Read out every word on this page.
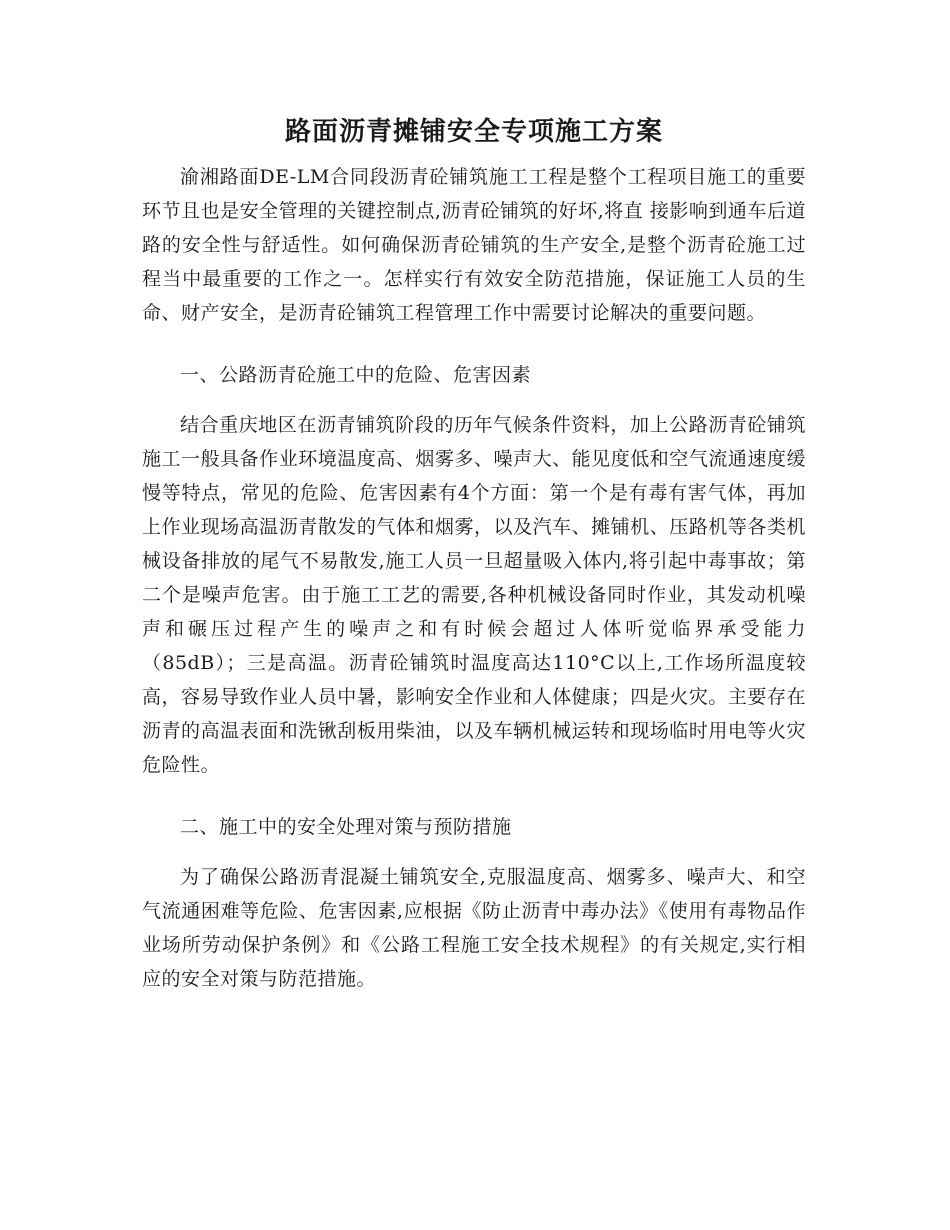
路面沥青摊铺安全专项施工方案

渝湘路面DE-LM合同段沥青砼铺筑施工工程是整个工程项目施工的重要环节且也是安全管理的关键控制点,沥青砼铺筑的好坏,将直 接影响到通车后道路的安全性与舒适性。如何确保沥青砼铺筑的生产安全,是整个沥青砼施工过程当中最重要的工作之一。怎样实行有效安全防范措施，保证施工人员的生命、财产安全，是沥青砼铺筑工程管理工作中需要讨论解决的重要问题。

一、公路沥青砼施工中的危险、危害因素

结合重庆地区在沥青铺筑阶段的历年气候条件资料，加上公路沥青砼铺筑施工一般具备作业环境温度高、烟雾多、噪声大、能见度低和空气流通速度缓慢等特点，常见的危险、危害因素有4个方面：第一个是有毒有害气体，再加上作业现场高温沥青散发的气体和烟雾，以及汽车、摊铺机、压路机等各类机械设备排放的尾气不易散发,施工人员一旦超量吸入体内,将引起中毒事故；第二个是噪声危害。由于施工工艺的需要,各种机械设备同时作业，其发动机噪声和碾压过程产生的噪声之和有时候会超过人体听觉临界承受能力（85dB）；三是高温。沥青砼铺筑时温度高达110°C以上,工作场所温度较高，容易导致作业人员中暑，影响安全作业和人体健康；四是火灾。主要存在沥青的高温表面和洗锹刮板用柴油，以及车辆机械运转和现场临时用电等火灾危险性。

二、施工中的安全处理对策与预防措施

为了确保公路沥青混凝土铺筑安全,克服温度高、烟雾多、噪声大、和空气流通困难等危险、危害因素,应根据《防止沥青中毒办法》《使用有毒物品作业场所劳动保护条例》和《公路工程施工安全技术规程》的有关规定,实行相应的安全对策与防范措施。
